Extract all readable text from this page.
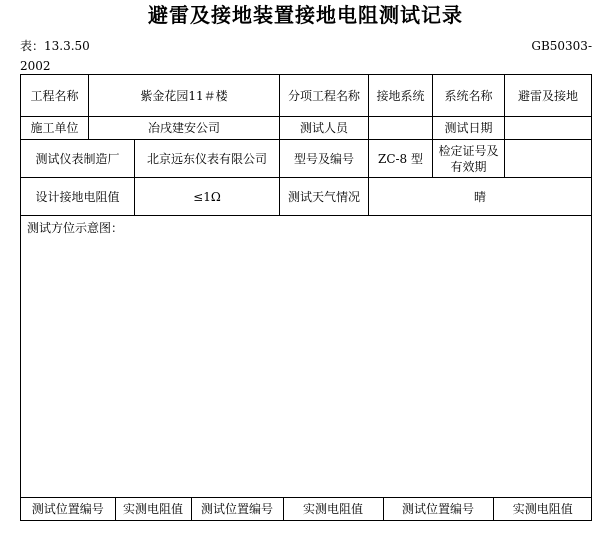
避雷及接地装置接地电阻测试记录
表：13.3.50
2002
GB50303-
工程名称	紫金花园11＃楼	分项工程名称	接地系统	系统名称	避雷及接地
施工单位	冶戌建安公司	测试人员		测试日期	
测试仪表制造厂	北京远东仪表有限公司	型号及编号	ZC-8 型	检定证号及有效期	
设计接地电阻值	≤1Ω	测试天气情况	晴
测试方位示意图：

测试位置编号	实测电阻值	测试位置编号	实测电阻值	测试位置编号	实测电阻值
